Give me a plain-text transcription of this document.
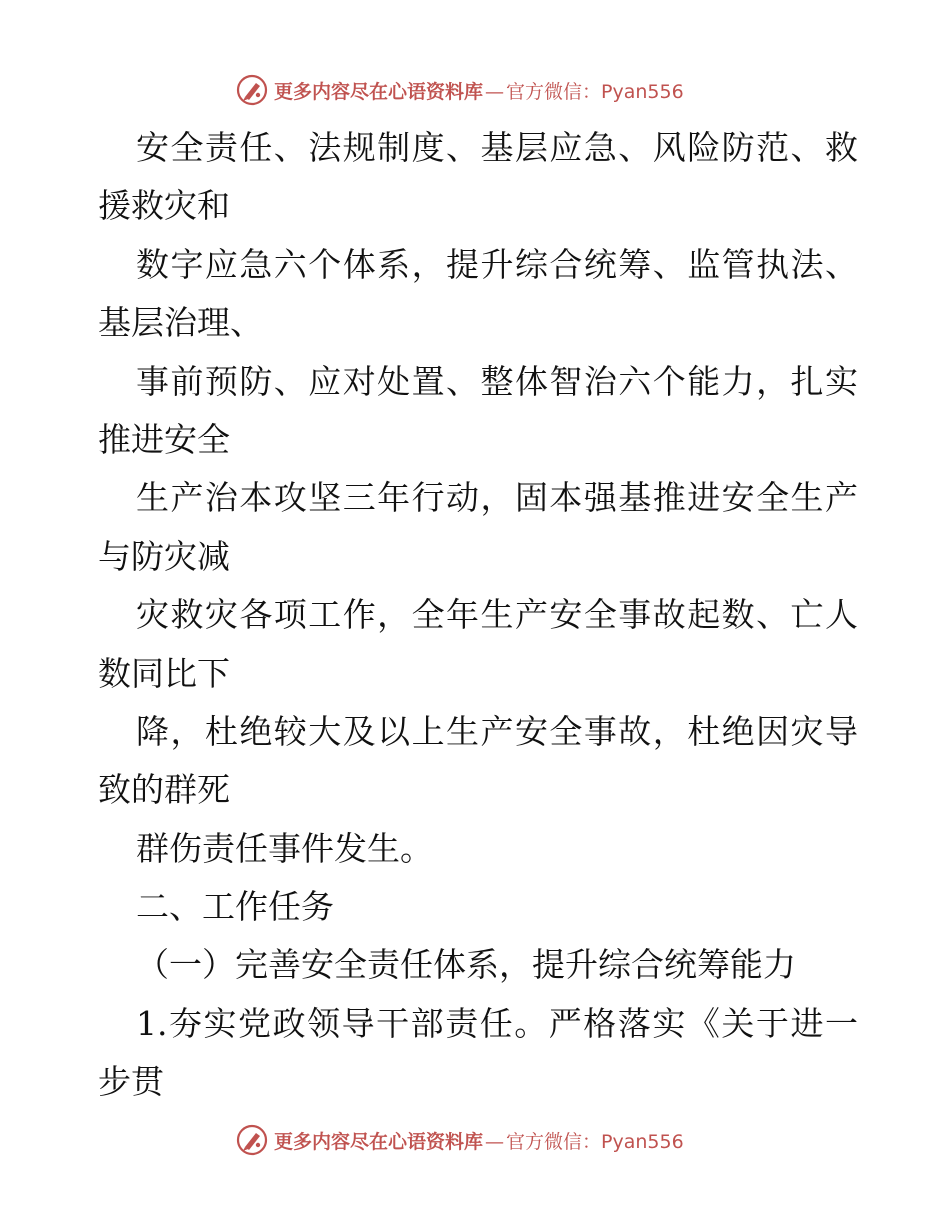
更多内容尽在心语资料库 — 官方微信：Pyan556
安全责任、法规制度、基层应急、风险防范、救
援救灾和
数字应急六个体系，提升综合统筹、监管执法、
基层治理、
事前预防、应对处置、整体智治六个能力，扎实
推进安全
生产治本攻坚三年行动，固本强基推进安全生产
与防灾减
灾救灾各项工作，全年生产安全事故起数、亡人
数同比下
降，杜绝较大及以上生产安全事故，杜绝因灾导
致的群死
群伤责任事件发生。
二、工作任务
（一）完善安全责任体系，提升综合统筹能力
1.夯实党政领导干部责任。严格落实《关于进一
步贯
更多内容尽在心语资料库 — 官方微信：Pyan556
